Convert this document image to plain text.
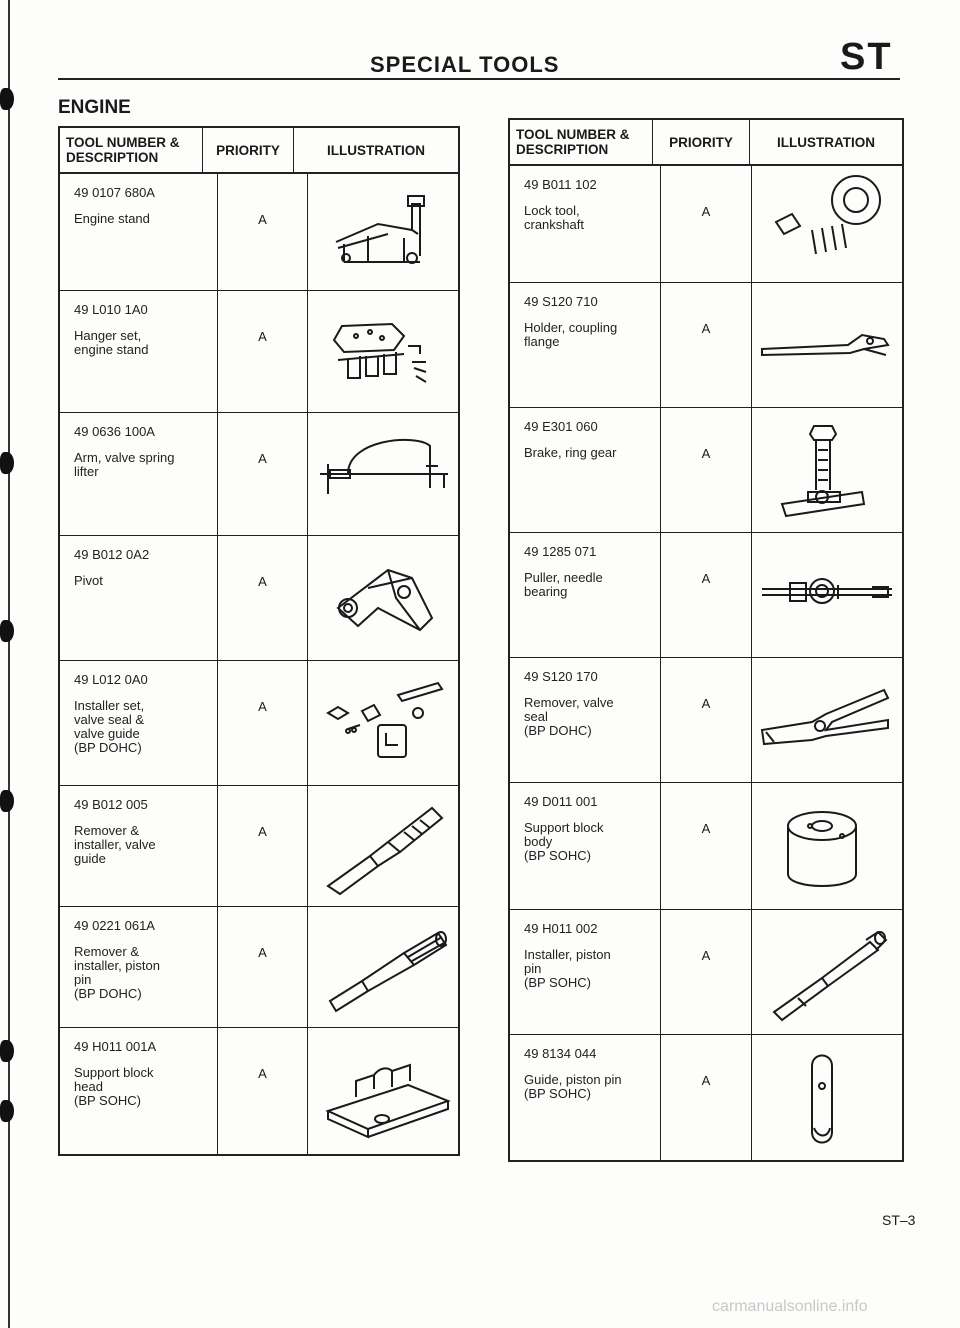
SPECIAL TOOLS	ST
ENGINE
TOOL NUMBER & DESCRIPTION	PRIORITY	ILLUSTRATION
49 0107 680A
Engine stand	A
49 L010 1A0
Hanger set,
engine stand
A
49 0636 100A
Arm, valve spring
lifter
A
49 B012 0A2
Pivot	A
49 L012 0A0
Installer set,
valve seal &
valve guide
(BP DOHC)
A
49 B012 005
Remover &
installer, valve
guide
A
49 0221 061A
Remover &
installer, piston
pin
(BP DOHC)
A
49 H011 001A
Support block
head
(BP SOHC)
A
TOOL NUMBER & DESCRIPTION	PRIORITY	ILLUSTRATION
49 B011 102
Lock tool,
crankshaft
A
49 S120 710
Holder, coupling
flange
A
49 E301 060
Brake, ring gear	A
49 1285 071
Puller, needle
bearing
A
49 S120 170
Remover, valve
seal
(BP DOHC)
A
49 D011 001
Support block
body
(BP SOHC)
A
49 H011 002
Installer, piston
pin
(BP SOHC)
A
49 8134 044
Guide, piston pin
(BP SOHC)
A
ST–3
carmanualsonline.info
